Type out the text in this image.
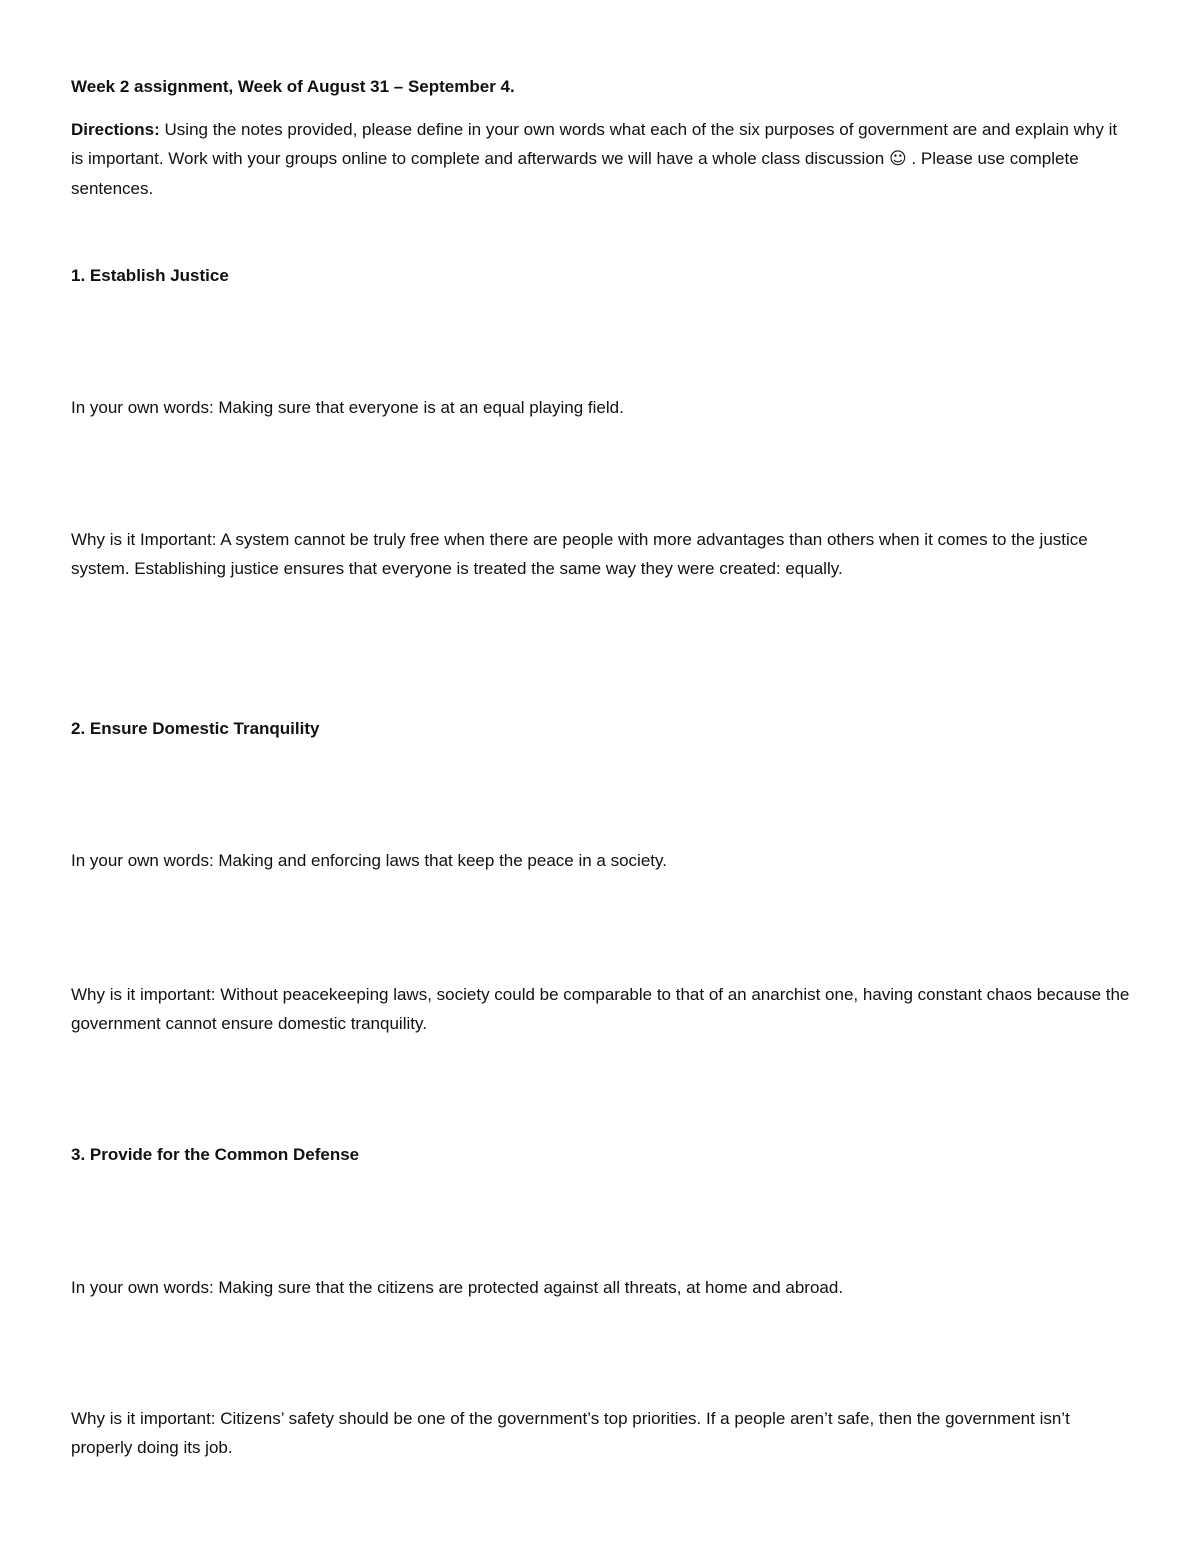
Week 2 assignment, Week of August 31 – September 4.

Directions: Using the notes provided, please define in your own words what each of the six purposes of government are and explain why it is important. Work with your groups online to complete and afterwards we will have a whole class discussion ☺ . Please use complete sentences.

1. Establish Justice

In your own words: Making sure that everyone is at an equal playing field.

Why is it Important: A system cannot be truly free when there are people with more advantages than others when it comes to the justice system. Establishing justice ensures that everyone is treated the same way they were created: equally.

2. Ensure Domestic Tranquility

In your own words: Making and enforcing laws that keep the peace in a society.

Why is it important: Without peacekeeping laws, society could be comparable to that of an anarchist one, having constant chaos because the government cannot ensure domestic tranquility.

3. Provide for the Common Defense

In your own words: Making sure that the citizens are protected against all threats, at home and abroad.

Why is it important: Citizens’ safety should be one of the government’s top priorities. If a people aren’t safe, then the government isn’t properly doing its job.
